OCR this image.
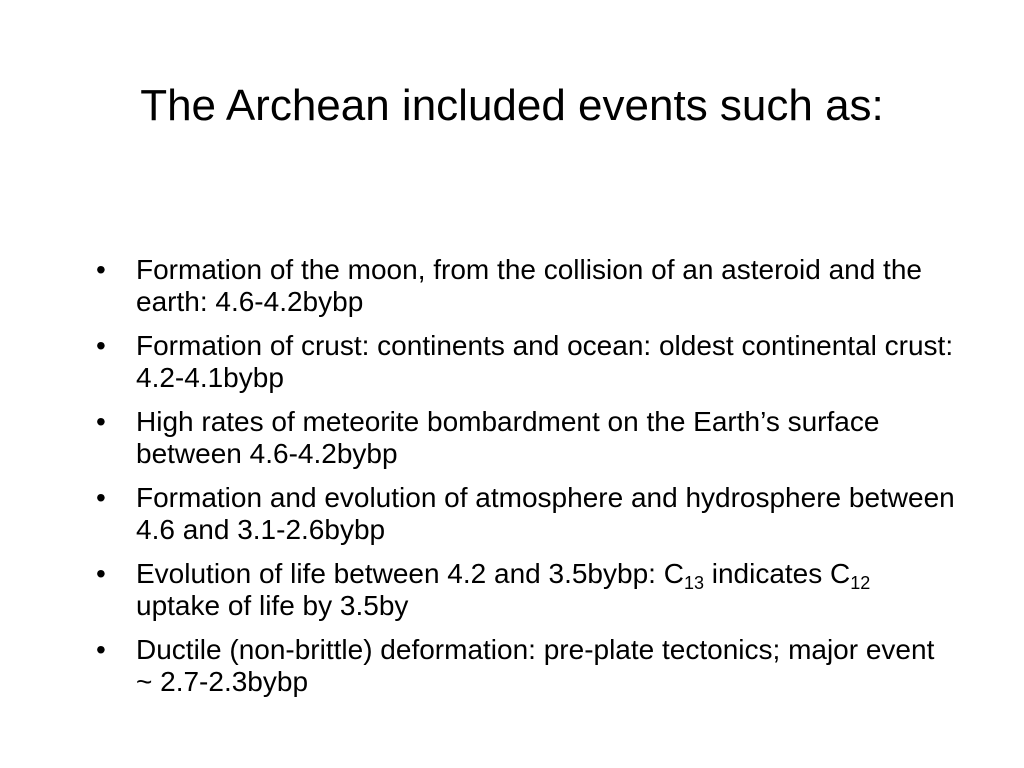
The Archean included events such as:
•	Formation of the moon, from the collision of an asteroid and the earth: 4.6-4.2bybp
•	Formation of crust: continents and ocean: oldest continental crust: 4.2-4.1bybp
•	High rates of meteorite bombardment on the Earth’s surface between 4.6-4.2bybp
•	Formation and evolution of atmosphere and hydrosphere between 4.6 and 3.1-2.6bybp
•	Evolution of life between 4.2 and 3.5bybp: $C_{13}$ indicates $C_{12}$ uptake of life by 3.5by
•	Ductile (non-brittle) deformation: pre-plate tectonics; major event ~ 2.7-2.3bybp
